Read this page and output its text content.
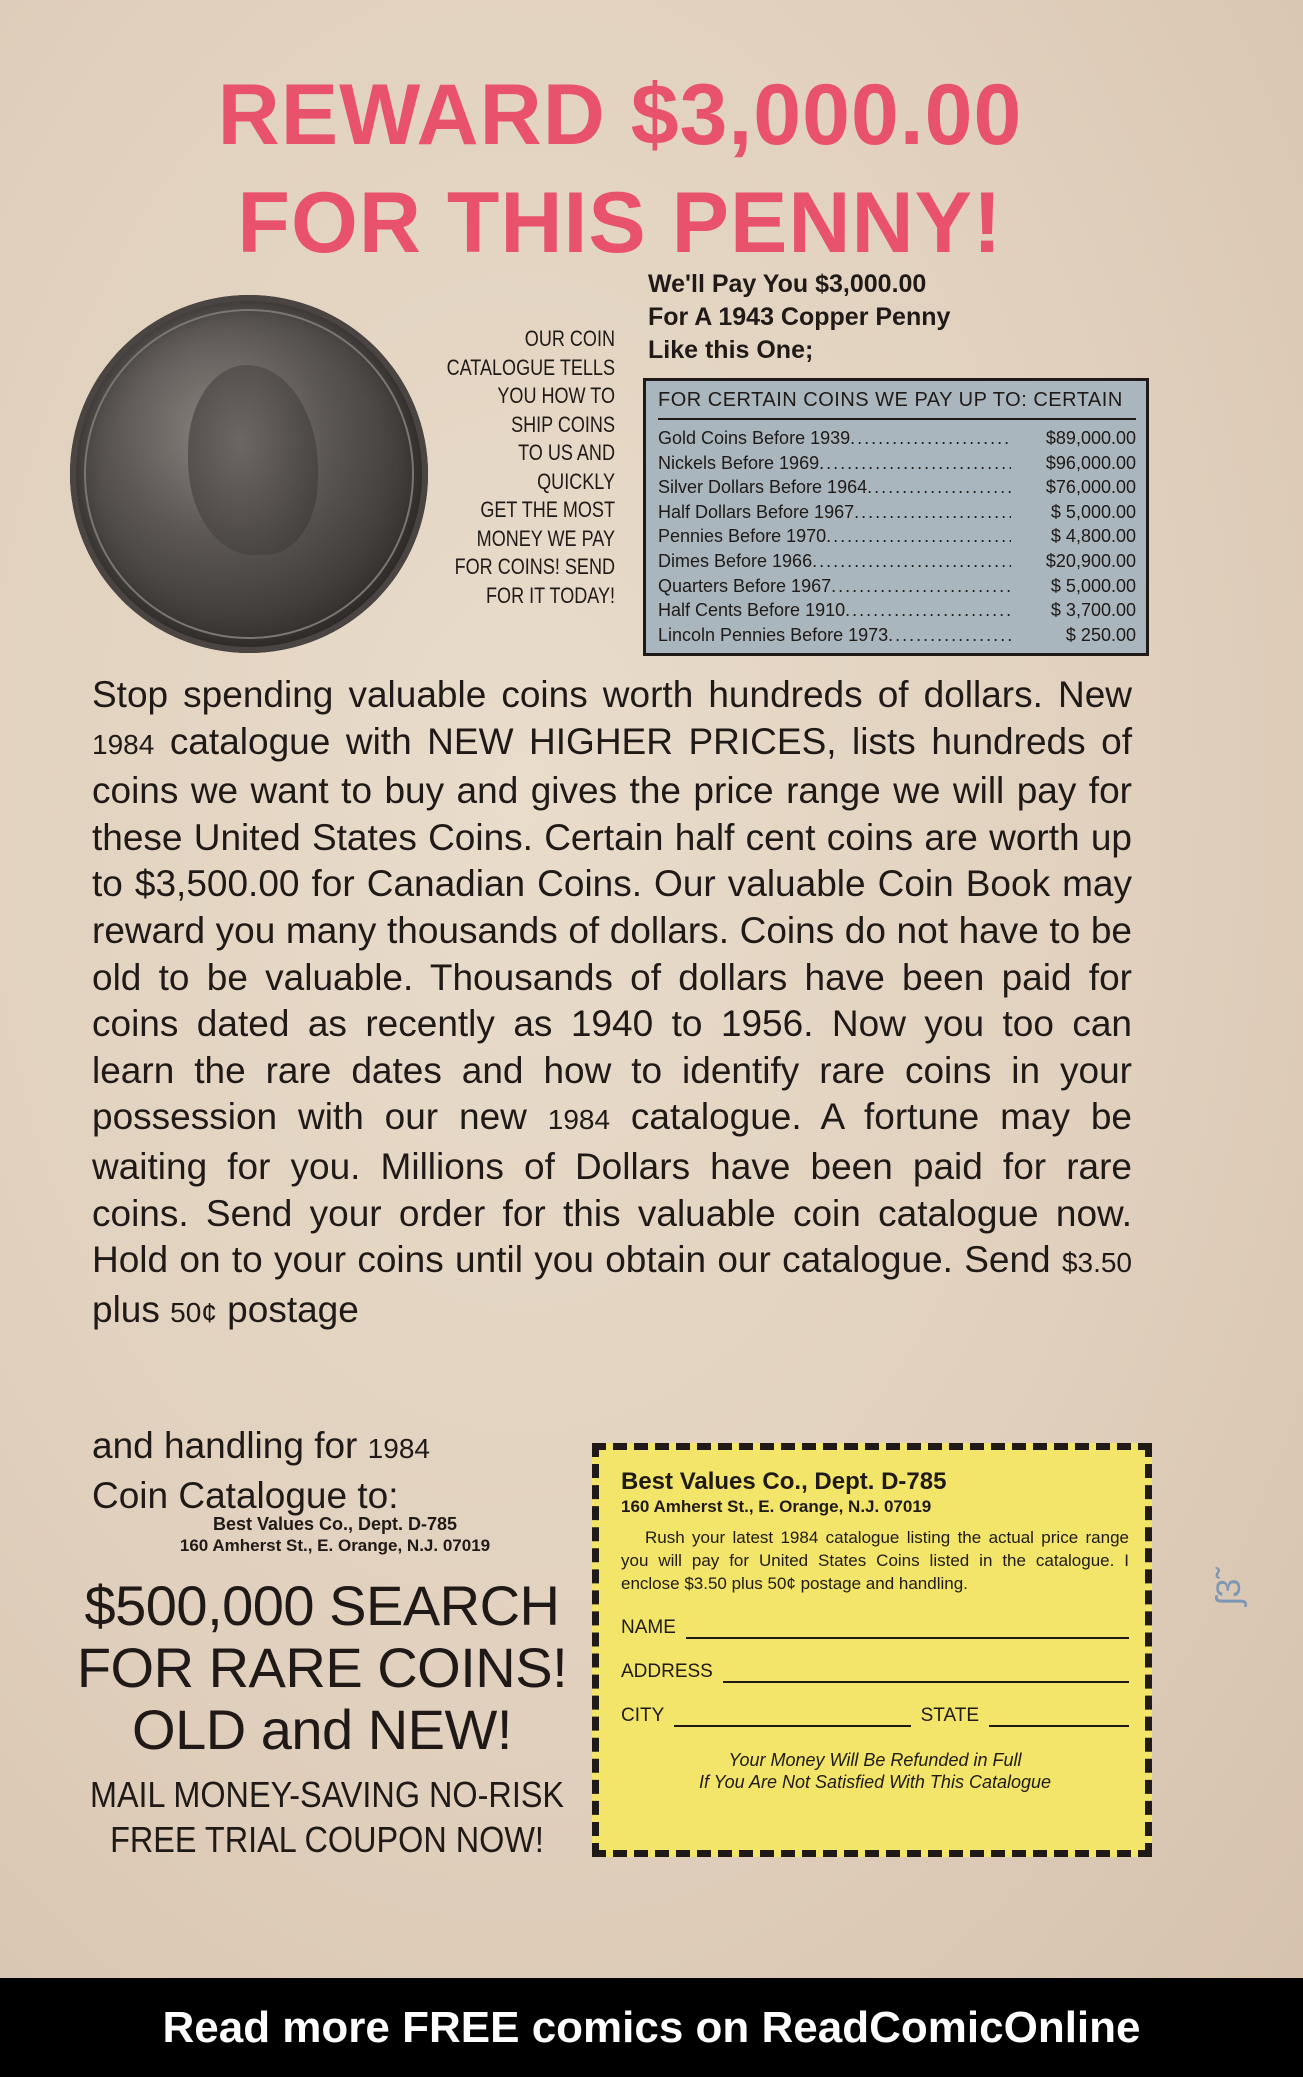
REWARD $3,000.00
FOR THIS PENNY!
OUR COIN
CATALOGUE TELLS
YOU HOW TO
SHIP COINS
TO US AND
QUICKLY
GET THE MOST
MONEY WE PAY
FOR COINS! SEND
FOR IT TODAY!
We'll Pay You $3,000.00
For A 1943 Copper Penny
Like this One;
FOR CERTAIN COINS WE PAY UP TO: CERTAIN
Gold Coins Before 1939 .....	$89,000.00
Nickels Before 1969 .....	$96,000.00
Silver Dollars Before 1964 .....	$76,000.00
Half Dollars Before 1967 .....	$ 5,000.00
Pennies Before 1970 .....	$ 4,800.00
Dimes Before 1966 .....	$20,900.00
Quarters Before 1967 .....	$ 5,000.00
Half Cents Before 1910 .....	$ 3,700.00
Lincoln Pennies Before 1973 .....	$ 250.00
Stop spending valuable coins worth hundreds of dollars. New 1984 catalogue with NEW HIGHER PRICES, lists hundreds of coins we want to buy and gives the price range we will pay for these United States Coins. Certain half cent coins are worth up to $3,500.00 for Canadian Coins. Our valuable Coin Book may reward you many thousands of dollars. Coins do not have to be old to be valuable. Thousands of dollars have been paid for coins dated as recently as 1940 to 1956. Now you too can learn the rare dates and how to identify rare coins in your possession with our new 1984 catalogue. A fortune may be waiting for you. Millions of Dollars have been paid for rare coins. Send your order for this valuable coin catalogue now. Hold on to your coins until you obtain our catalogue. Send $3.50 plus 50¢ postage
and handling for 1984
Coin Catalogue to:
Best Values Co., Dept. D-785
160 Amherst St., E. Orange, N.J. 07019
$500,000 SEARCH
FOR RARE COINS!
OLD and NEW!
MAIL MONEY-SAVING NO-RISK
FREE TRIAL COUPON NOW!
Best Values Co., Dept. D-785
160 Amherst St., E. Orange, N.J. 07019
Rush your latest 1984 catalogue listing the actual price range you will pay for United States Coins listed in the catalogue. I enclose $3.50 plus 50¢ postage and handling.
NAME
ADDRESS
CITY	STATE
Your Money Will Be Refunded in Full
If You Are Not Satisfied With This Catalogue
ʃ3̃
Read more FREE comics on ReadComicOnline
